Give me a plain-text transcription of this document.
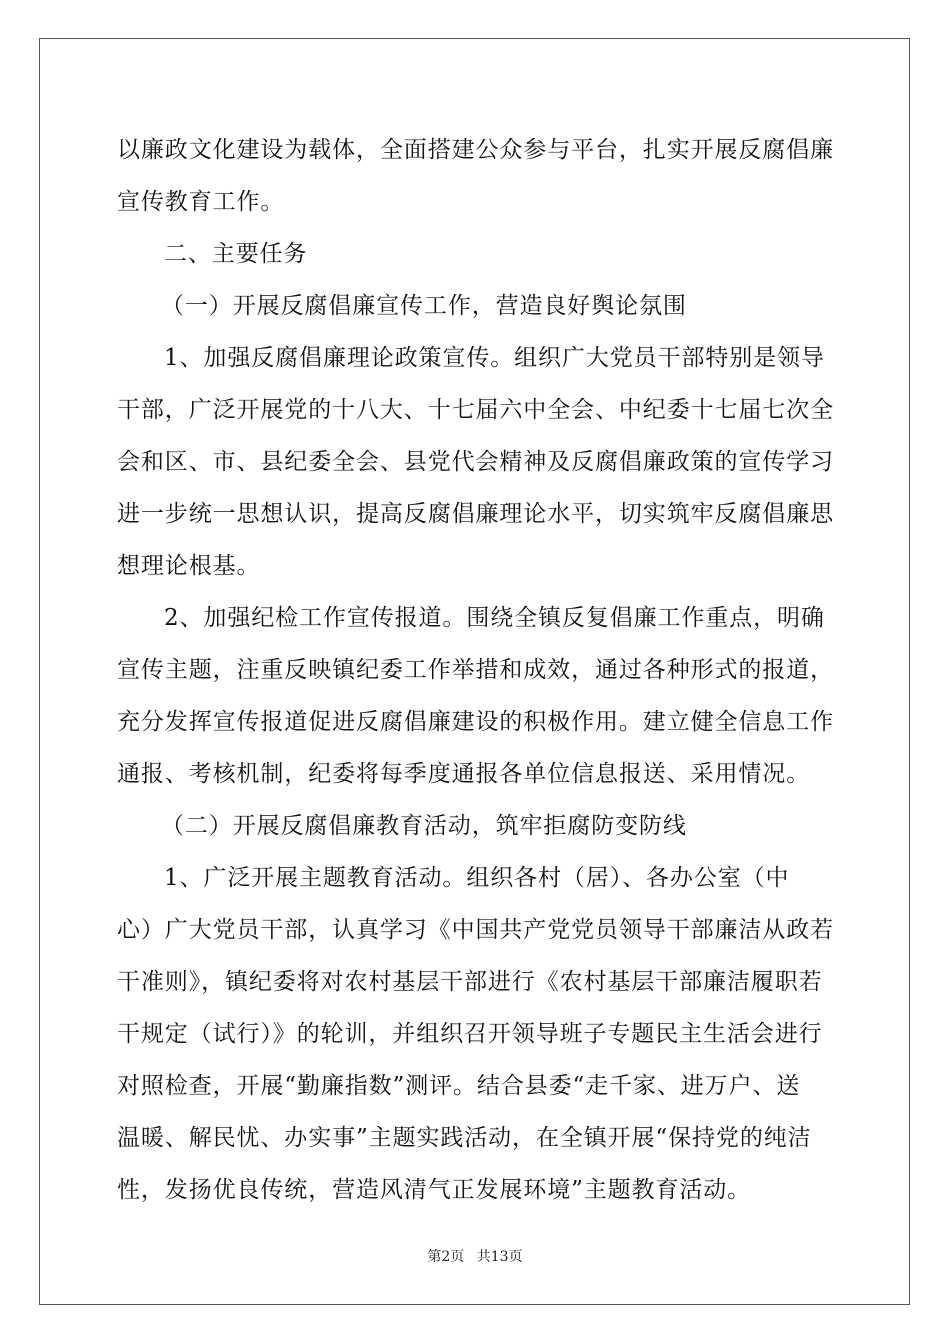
以廉政文化建设为载体，全面搭建公众参与平台，扎实开展反腐倡廉
宣传教育工作。
二、主要任务
（一）开展反腐倡廉宣传工作，营造良好舆论氛围
1、加强反腐倡廉理论政策宣传。组织广大党员干部特别是领导
干部，广泛开展党的十八大、十七届六中全会、中纪委十七届七次全
会和区、市、县纪委全会、县党代会精神及反腐倡廉政策的宣传学习
进一步统一思想认识，提高反腐倡廉理论水平，切实筑牢反腐倡廉思
想理论根基。
2、加强纪检工作宣传报道。围绕全镇反复倡廉工作重点，明确
宣传主题，注重反映镇纪委工作举措和成效，通过各种形式的报道，
充分发挥宣传报道促进反腐倡廉建设的积极作用。建立健全信息工作
通报、考核机制，纪委将每季度通报各单位信息报送、采用情况。
（二）开展反腐倡廉教育活动，筑牢拒腐防变防线
1、广泛开展主题教育活动。组织各村（居）、各办公室（中
心）广大党员干部，认真学习《中国共产党党员领导干部廉洁从政若
干准则》，镇纪委将对农村基层干部进行《农村基层干部廉洁履职若
干规定（试行）》的轮训，并组织召开领导班子专题民主生活会进行
对照检查，开展“勤廉指数”测评。结合县委“走千家、进万户、送
温暖、解民忧、办实事”主题实践活动，在全镇开展“保持党的纯洁
性，发扬优良传统，营造风清气正发展环境”主题教育活动。
第2页 共13页
